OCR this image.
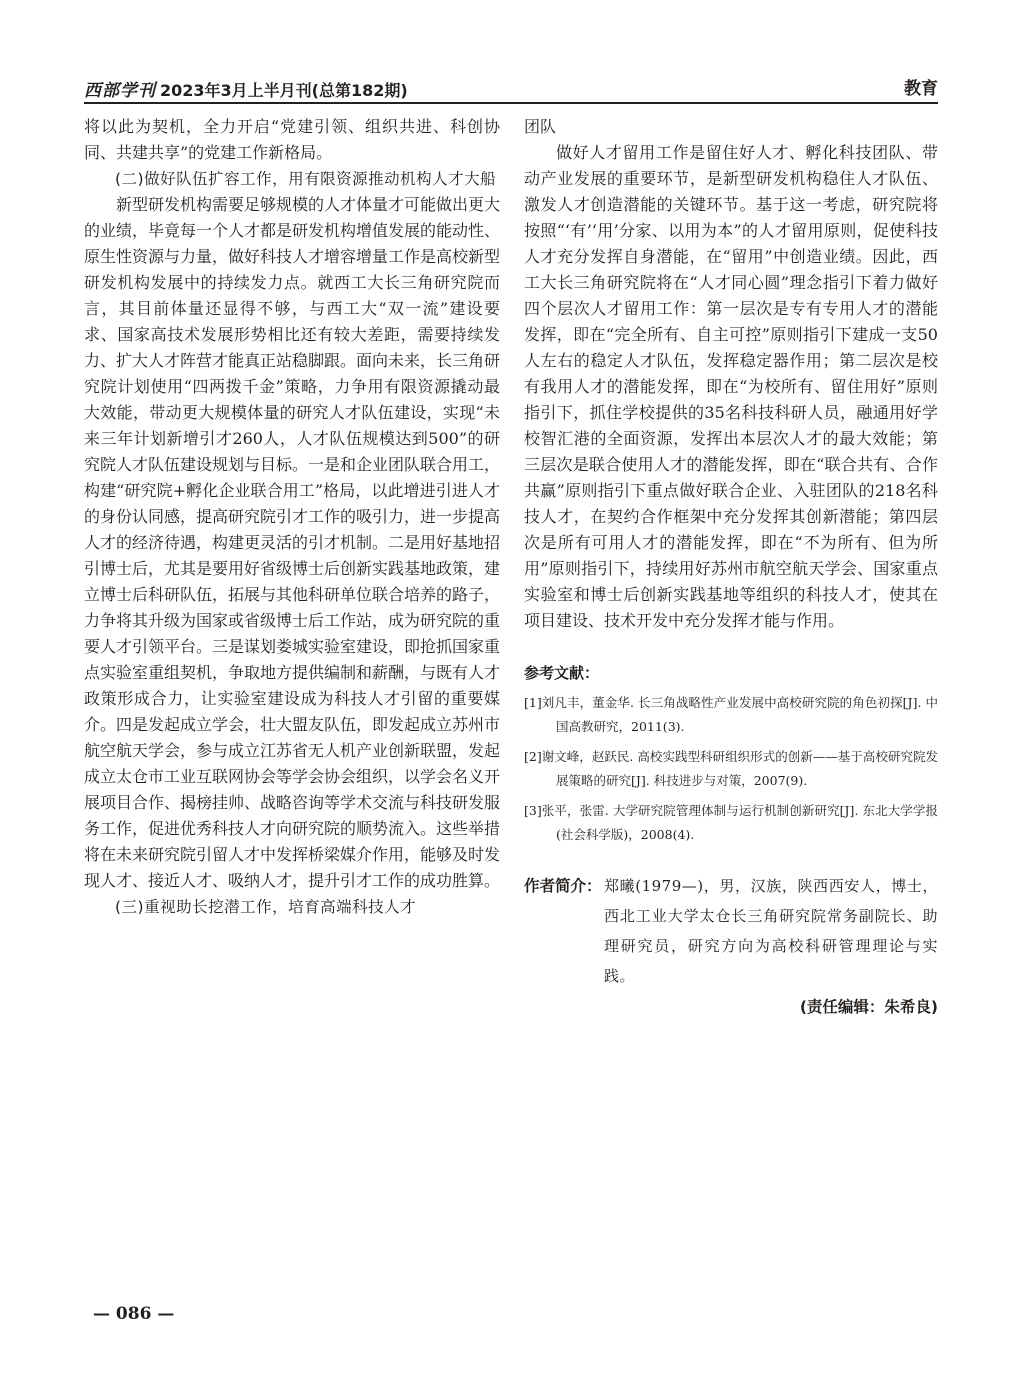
西部学刊 2023年3月上半月刊(总第182期)	教育

将以此为契机，全力开启“党建引领、组织共进、科创协同、共建共享”的党建工作新格局。

(二)做好队伍扩容工作，用有限资源推动机构人才大船

新型研发机构需要足够规模的人才体量才可能做出更大的业绩，毕竟每一个人才都是研发机构增值发展的能动性、原生性资源与力量，做好科技人才增容增量工作是高校新型研发机构发展中的持续发力点。就西工大长三角研究院而言，其目前体量还显得不够，与西工大“双一流”建设要求、国家高技术发展形势相比还有较大差距，需要持续发力、扩大人才阵营才能真正站稳脚跟。面向未来，长三角研究院计划使用“四两拨千金”策略，力争用有限资源撬动最大效能，带动更大规模体量的研究人才队伍建设，实现“未来三年计划新增引才260人，人才队伍规模达到500”的研究院人才队伍建设规划与目标。一是和企业团队联合用工，构建“研究院+孵化企业联合用工”格局，以此增进引进人才的身份认同感，提高研究院引才工作的吸引力，进一步提高人才的经济待遇，构建更灵活的引才机制。二是用好基地招引博士后，尤其是要用好省级博士后创新实践基地政策，建立博士后科研队伍，拓展与其他科研单位联合培养的路子，力争将其升级为国家或省级博士后工作站，成为研究院的重要人才引领平台。三是谋划娄城实验室建设，即抢抓国家重点实验室重组契机，争取地方提供编制和薪酬，与既有人才政策形成合力，让实验室建设成为科技人才引留的重要媒介。四是发起成立学会，壮大盟友队伍，即发起成立苏州市航空航天学会，参与成立江苏省无人机产业创新联盟，发起成立太仓市工业互联网协会等学会协会组织，以学会名义开展项目合作、揭榜挂帅、战略咨询等学术交流与科技研发服务工作，促进优秀科技人才向研究院的顺势流入。这些举措将在未来研究院引留人才中发挥桥梁媒介作用，能够及时发现人才、接近人才、吸纳人才，提升引才工作的成功胜算。

(三)重视助长挖潜工作，培育高端科技人才

团队

做好人才留用工作是留住好人才、孵化科技团队、带动产业发展的重要环节，是新型研发机构稳住人才队伍、激发人才创造潜能的关键环节。基于这一考虑，研究院将按照“‘有’‘用’分家、以用为本”的人才留用原则，促使科技人才充分发挥自身潜能，在“留用”中创造业绩。因此，西工大长三角研究院将在“人才同心圆”理念指引下着力做好四个层次人才留用工作：第一层次是专有专用人才的潜能发挥，即在“完全所有、自主可控”原则指引下建成一支50人左右的稳定人才队伍，发挥稳定器作用；第二层次是校有我用人才的潜能发挥，即在“为校所有、留住用好”原则指引下，抓住学校提供的35名科技科研人员，融通用好学校智汇港的全面资源，发挥出本层次人才的最大效能；第三层次是联合使用人才的潜能发挥，即在“联合共有、合作共赢”原则指引下重点做好联合企业、入驻团队的218名科技人才，在契约合作框架中充分发挥其创新潜能；第四层次是所有可用人才的潜能发挥，即在“不为所有、但为所用”原则指引下，持续用好苏州市航空航天学会、国家重点实验室和博士后创新实践基地等组织的科技人才，使其在项目建设、技术开发中充分发挥才能与作用。

参考文献：
[1]刘凡丰，董金华. 长三角战略性产业发展中高校研究院的角色初探[J]. 中国高教研究，2011(3).
[2]谢文峰，赵跃民. 高校实践型科研组织形式的创新——基于高校研究院发展策略的研究[J]. 科技进步与对策，2007(9).
[3]张平，张雷. 大学研究院管理体制与运行机制创新研究[J]. 东北大学学报(社会科学版)，2008(4).
作者简介： 郑曦(1979—)，男，汉族，陕西西安人，博士，西北工业大学太仓长三角研究院常务副院长、助理研究员，研究方向为高校科研管理理论与实践。
(责任编辑：朱希良)
— 086 —
